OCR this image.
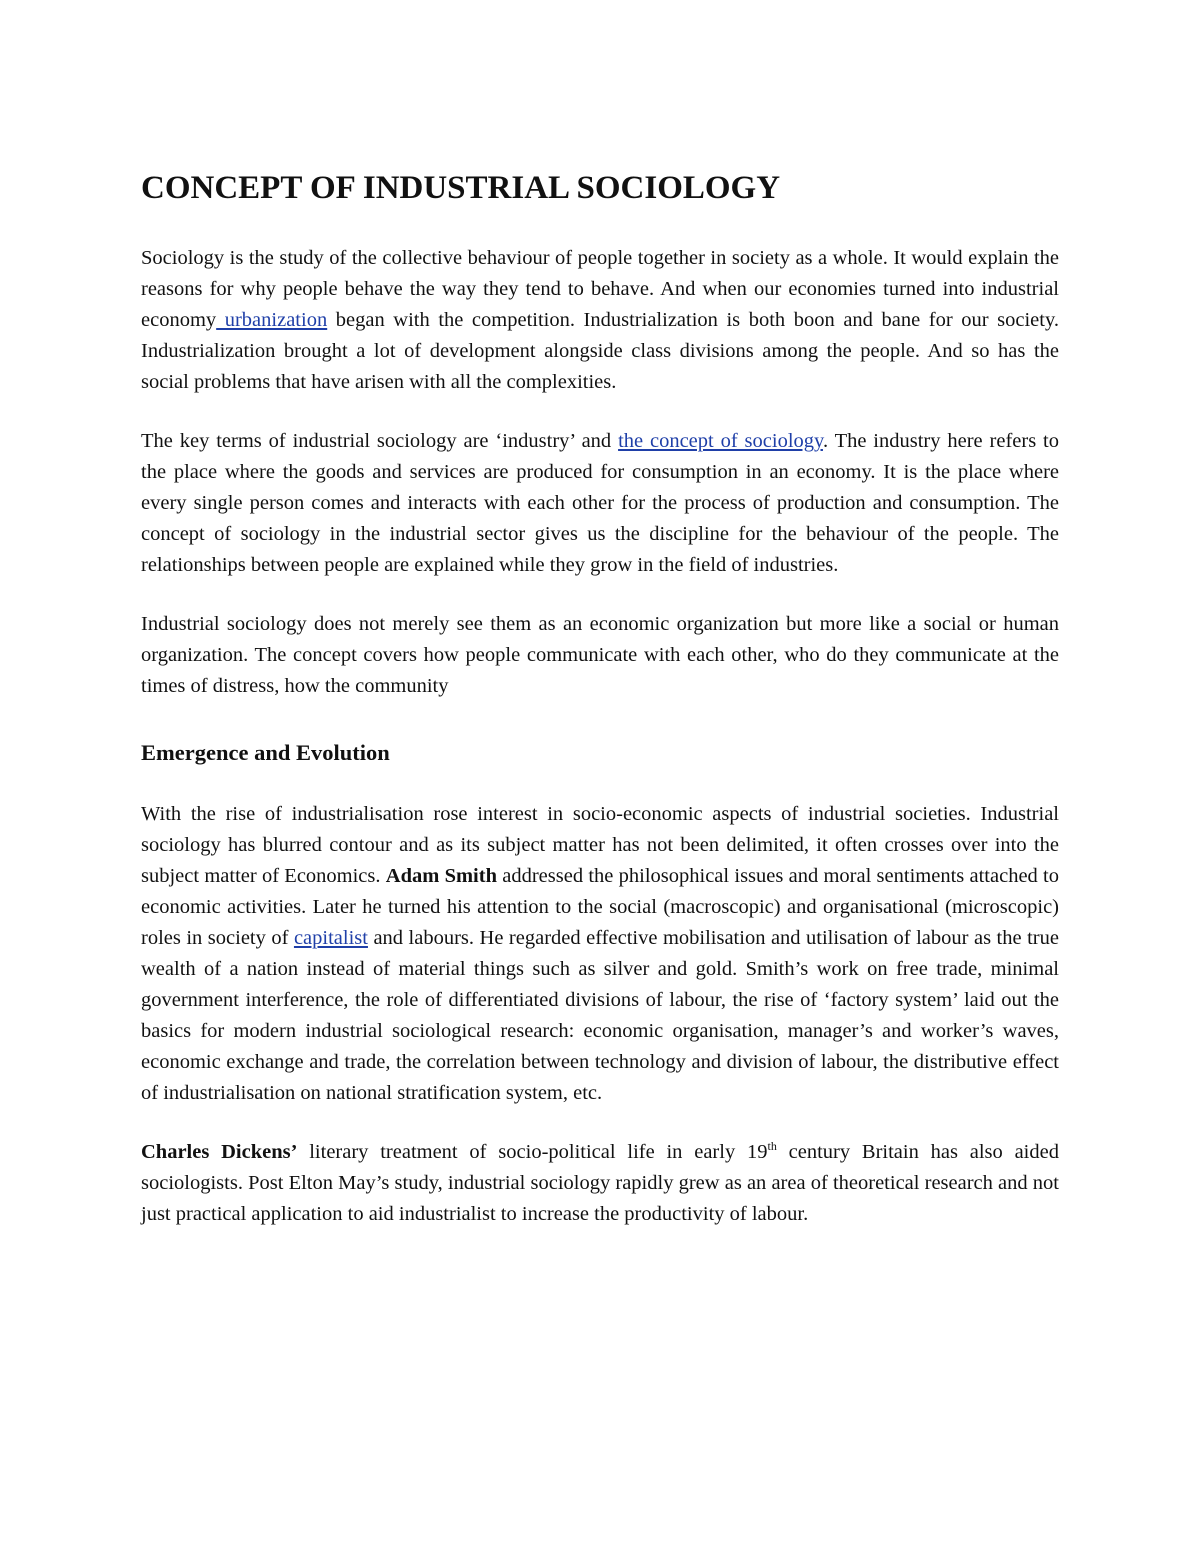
CONCEPT OF INDUSTRIAL SOCIOLOGY

Sociology is the study of the collective behaviour of people together in society as a whole. It would explain the reasons for why people behave the way they tend to behave. And when our economies turned into industrial economy urbanization began with the competition. Industrialization is both boon and bane for our society. Industrialization brought a lot of development alongside class divisions among the people. And so has the social problems that have arisen with all the complexities.

The key terms of industrial sociology are ‘industry’ and the concept of sociology. The industry here refers to the place where the goods and services are produced for consumption in an economy. It is the place where every single person comes and interacts with each other for the process of production and consumption. The concept of sociology in the industrial sector gives us the discipline for the behaviour of the people. The relationships between people are explained while they grow in the field of industries.

Industrial sociology does not merely see them as an economic organization but more like a social or human organization. The concept covers how people communicate with each other, who do they communicate at the times of distress, how the community

Emergence and Evolution

With the rise of industrialisation rose interest in socio-economic aspects of industrial societies. Industrial sociology has blurred contour and as its subject matter has not been delimited, it often crosses over into the subject matter of Economics. Adam Smith addressed the philosophical issues and moral sentiments attached to economic activities. Later he turned his attention to the social (macroscopic) and organisational (microscopic) roles in society of capitalist and labours. He regarded effective mobilisation and utilisation of labour as the true wealth of a nation instead of material things such as silver and gold. Smith’s work on free trade, minimal government interference, the role of differentiated divisions of labour, the rise of ‘factory system’ laid out the basics for modern industrial sociological research: economic organisation, manager’s and worker’s waves, economic exchange and trade, the correlation between technology and division of labour, the distributive effect of industrialisation on national stratification system, etc.

Charles Dickens’ literary treatment of socio-political life in early 19th century Britain has also aided sociologists. Post Elton May’s study, industrial sociology rapidly grew as an area of theoretical research and not just practical application to aid industrialist to increase the productivity of labour.
